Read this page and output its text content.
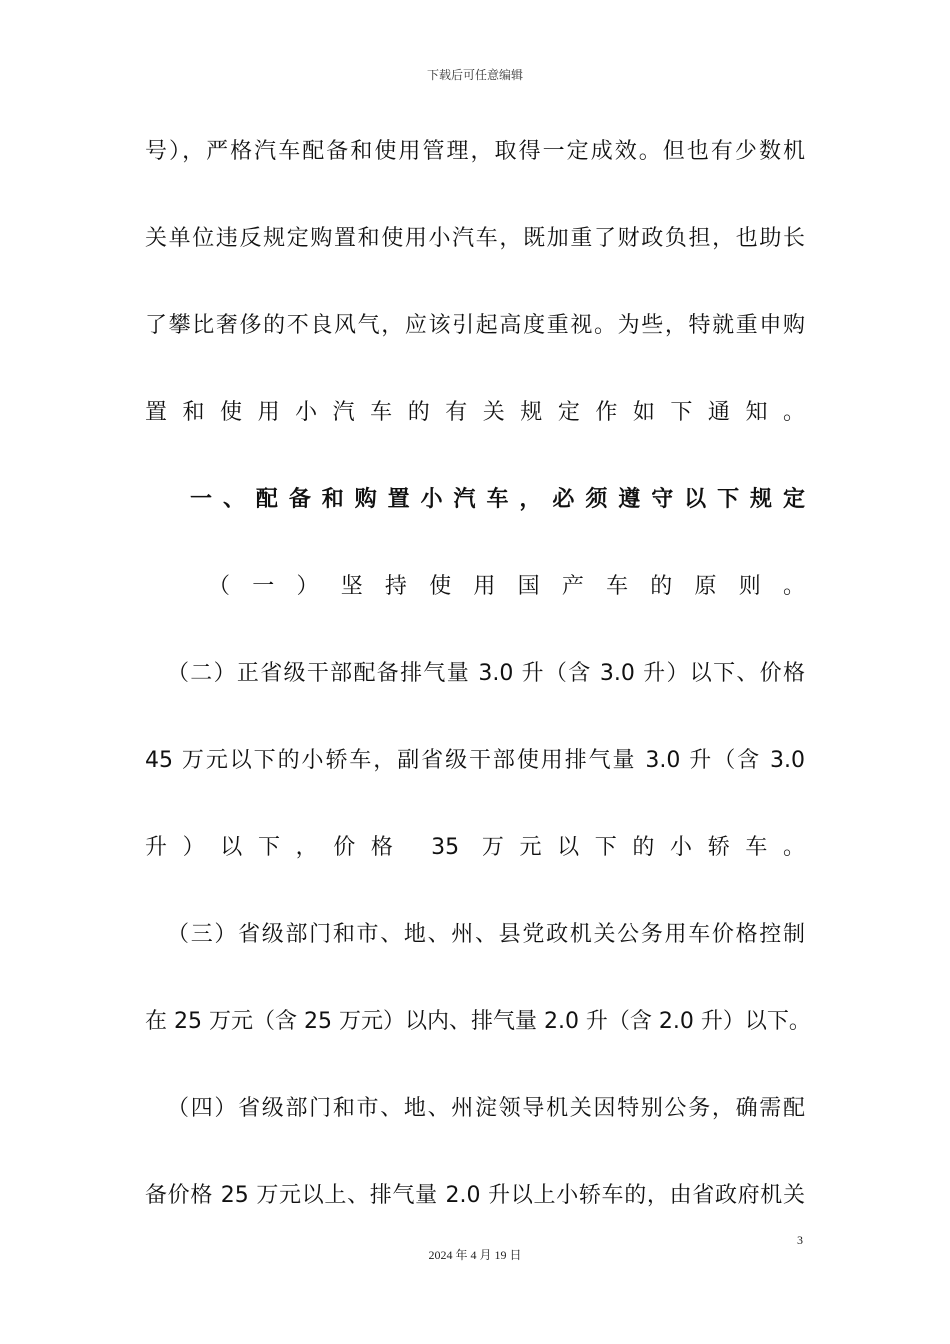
下载后可任意编辑
号），严格汽车配备和使用管理，取得一定成效。但也有少数机
关单位违反规定购置和使用小汽车，既加重了财政负担，也助长
了攀比奢侈的不良风气，应该引起高度重视。为些，特就重申购
置和使用小汽车的有关规定作如下通知。
一、配备和购置小汽车，必须遵守以下规定
（一）坚持使用国产车的原则。
（二）正省级干部配备排气量 3.0 升（含 3.0 升）以下、价格
45 万元以下的小轿车，副省级干部使用排气量 3.0 升（含 3.0
升）以下，价格 35 万元以下的小轿车。
（三）省级部门和市、地、州、县党政机关公务用车价格控制
在 25 万元（含 25 万元）以内、排气量 2.0 升（含 2.0 升）以下。
（四）省级部门和市、地、州淀领导机关因特别公务，确需配
备价格 25 万元以上、排气量 2.0 升以上小轿车的，由省政府机关
3
2024 年 4 月 19 日
